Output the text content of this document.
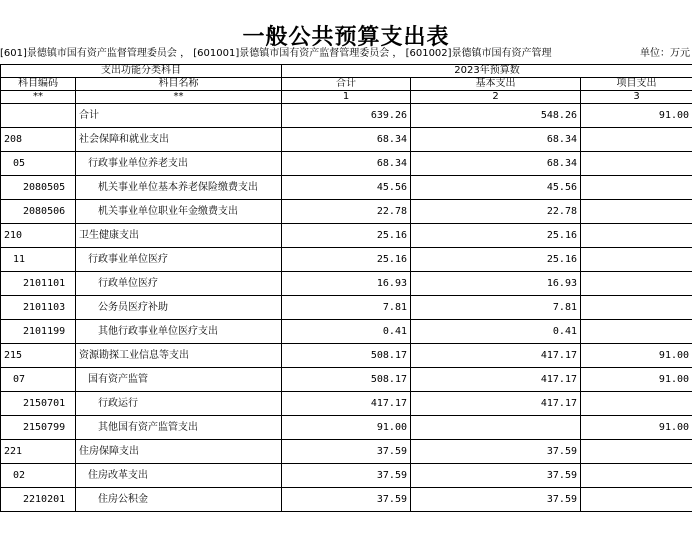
一般公共预算支出表
[601]景德镇市国有资产监督管理委员会 ， [601001]景德镇市国有资产监督管理委员会 ， [601002]景德镇市国有资产管理	单位：万元
支出功能分类科目		2023年预算数		
科目编码	科目名称	合计	基本支出	项目支出
**	**	1	2	3
	合计	639.26	548.26	91.00
208	社会保障和就业支出	68.34	68.34	
05	行政事业单位养老支出	68.34	68.34	
2080505	机关事业单位基本养老保险缴费支出	45.56	45.56	
2080506	机关事业单位职业年金缴费支出	22.78	22.78	
210	卫生健康支出	25.16	25.16	
11	行政事业单位医疗	25.16	25.16	
2101101	行政单位医疗	16.93	16.93	
2101103	公务员医疗补助	7.81	7.81	
2101199	其他行政事业单位医疗支出	0.41	0.41	
215	资源勘探工业信息等支出	508.17	417.17	91.00
07	国有资产监管	508.17	417.17	91.00
2150701	行政运行	417.17	417.17	
2150799	其他国有资产监管支出	91.00		91.00
221	住房保障支出	37.59	37.59	
02	住房改革支出	37.59	37.59	
2210201	住房公积金	37.59	37.59	
